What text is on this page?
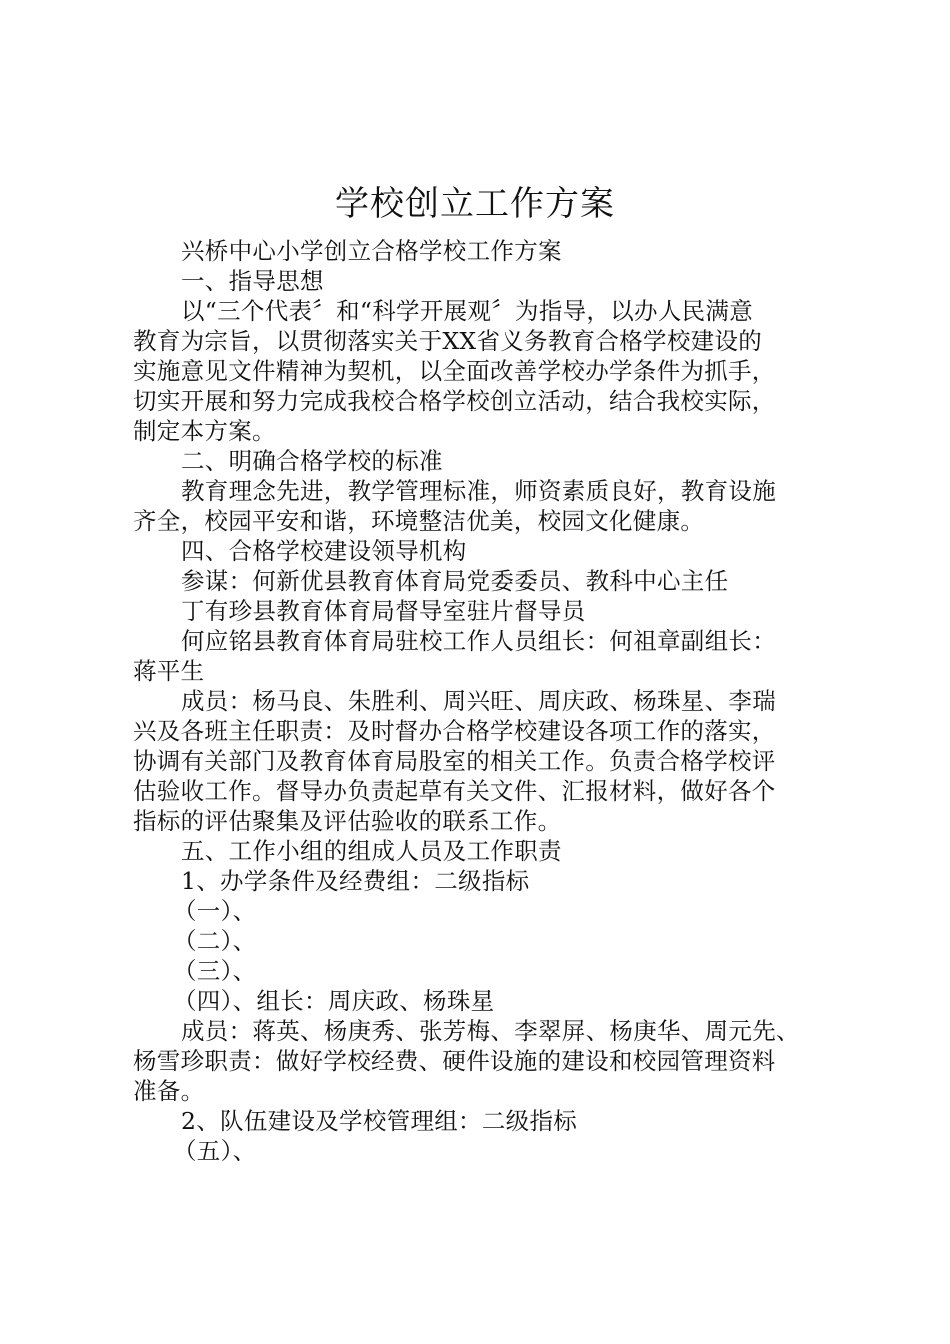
学校创立工作方案
兴桥中心小学创立合格学校工作方案
一、指导思想
以“三个代表〞和“科学开展观〞为指导，以办人民满意
教育为宗旨，以贯彻落实关于XX省义务教育合格学校建设的
实施意见文件精神为契机，以全面改善学校办学条件为抓手，
切实开展和努力完成我校合格学校创立活动，结合我校实际，
制定本方案。
二、明确合格学校的标准
教育理念先进，教学管理标准，师资素质良好，教育设施
齐全，校园平安和谐，环境整洁优美，校园文化健康。
四、合格学校建设领导机构
参谋：何新优县教育体育局党委委员、教科中心主任
丁有珍县教育体育局督导室驻片督导员
何应铭县教育体育局驻校工作人员组长：何祖章副组长：
蒋平生
成员：杨马良、朱胜利、周兴旺、周庆政、杨珠星、李瑞
兴及各班主任职责：及时督办合格学校建设各项工作的落实，
协调有关部门及教育体育局股室的相关工作。负责合格学校评
估验收工作。督导办负责起草有关文件、汇报材料，做好各个
指标的评估聚集及评估验收的联系工作。
五、工作小组的组成人员及工作职责
1、办学条件及经费组：二级指标
（一）、
（二）、
（三）、
（四）、组长：周庆政、杨珠星
成员：蒋英、杨庚秀、张芳梅、李翠屏、杨庚华、周元先、
杨雪珍职责：做好学校经费、硬件设施的建设和校园管理资料
准备。
2、队伍建设及学校管理组：二级指标
（五）、
